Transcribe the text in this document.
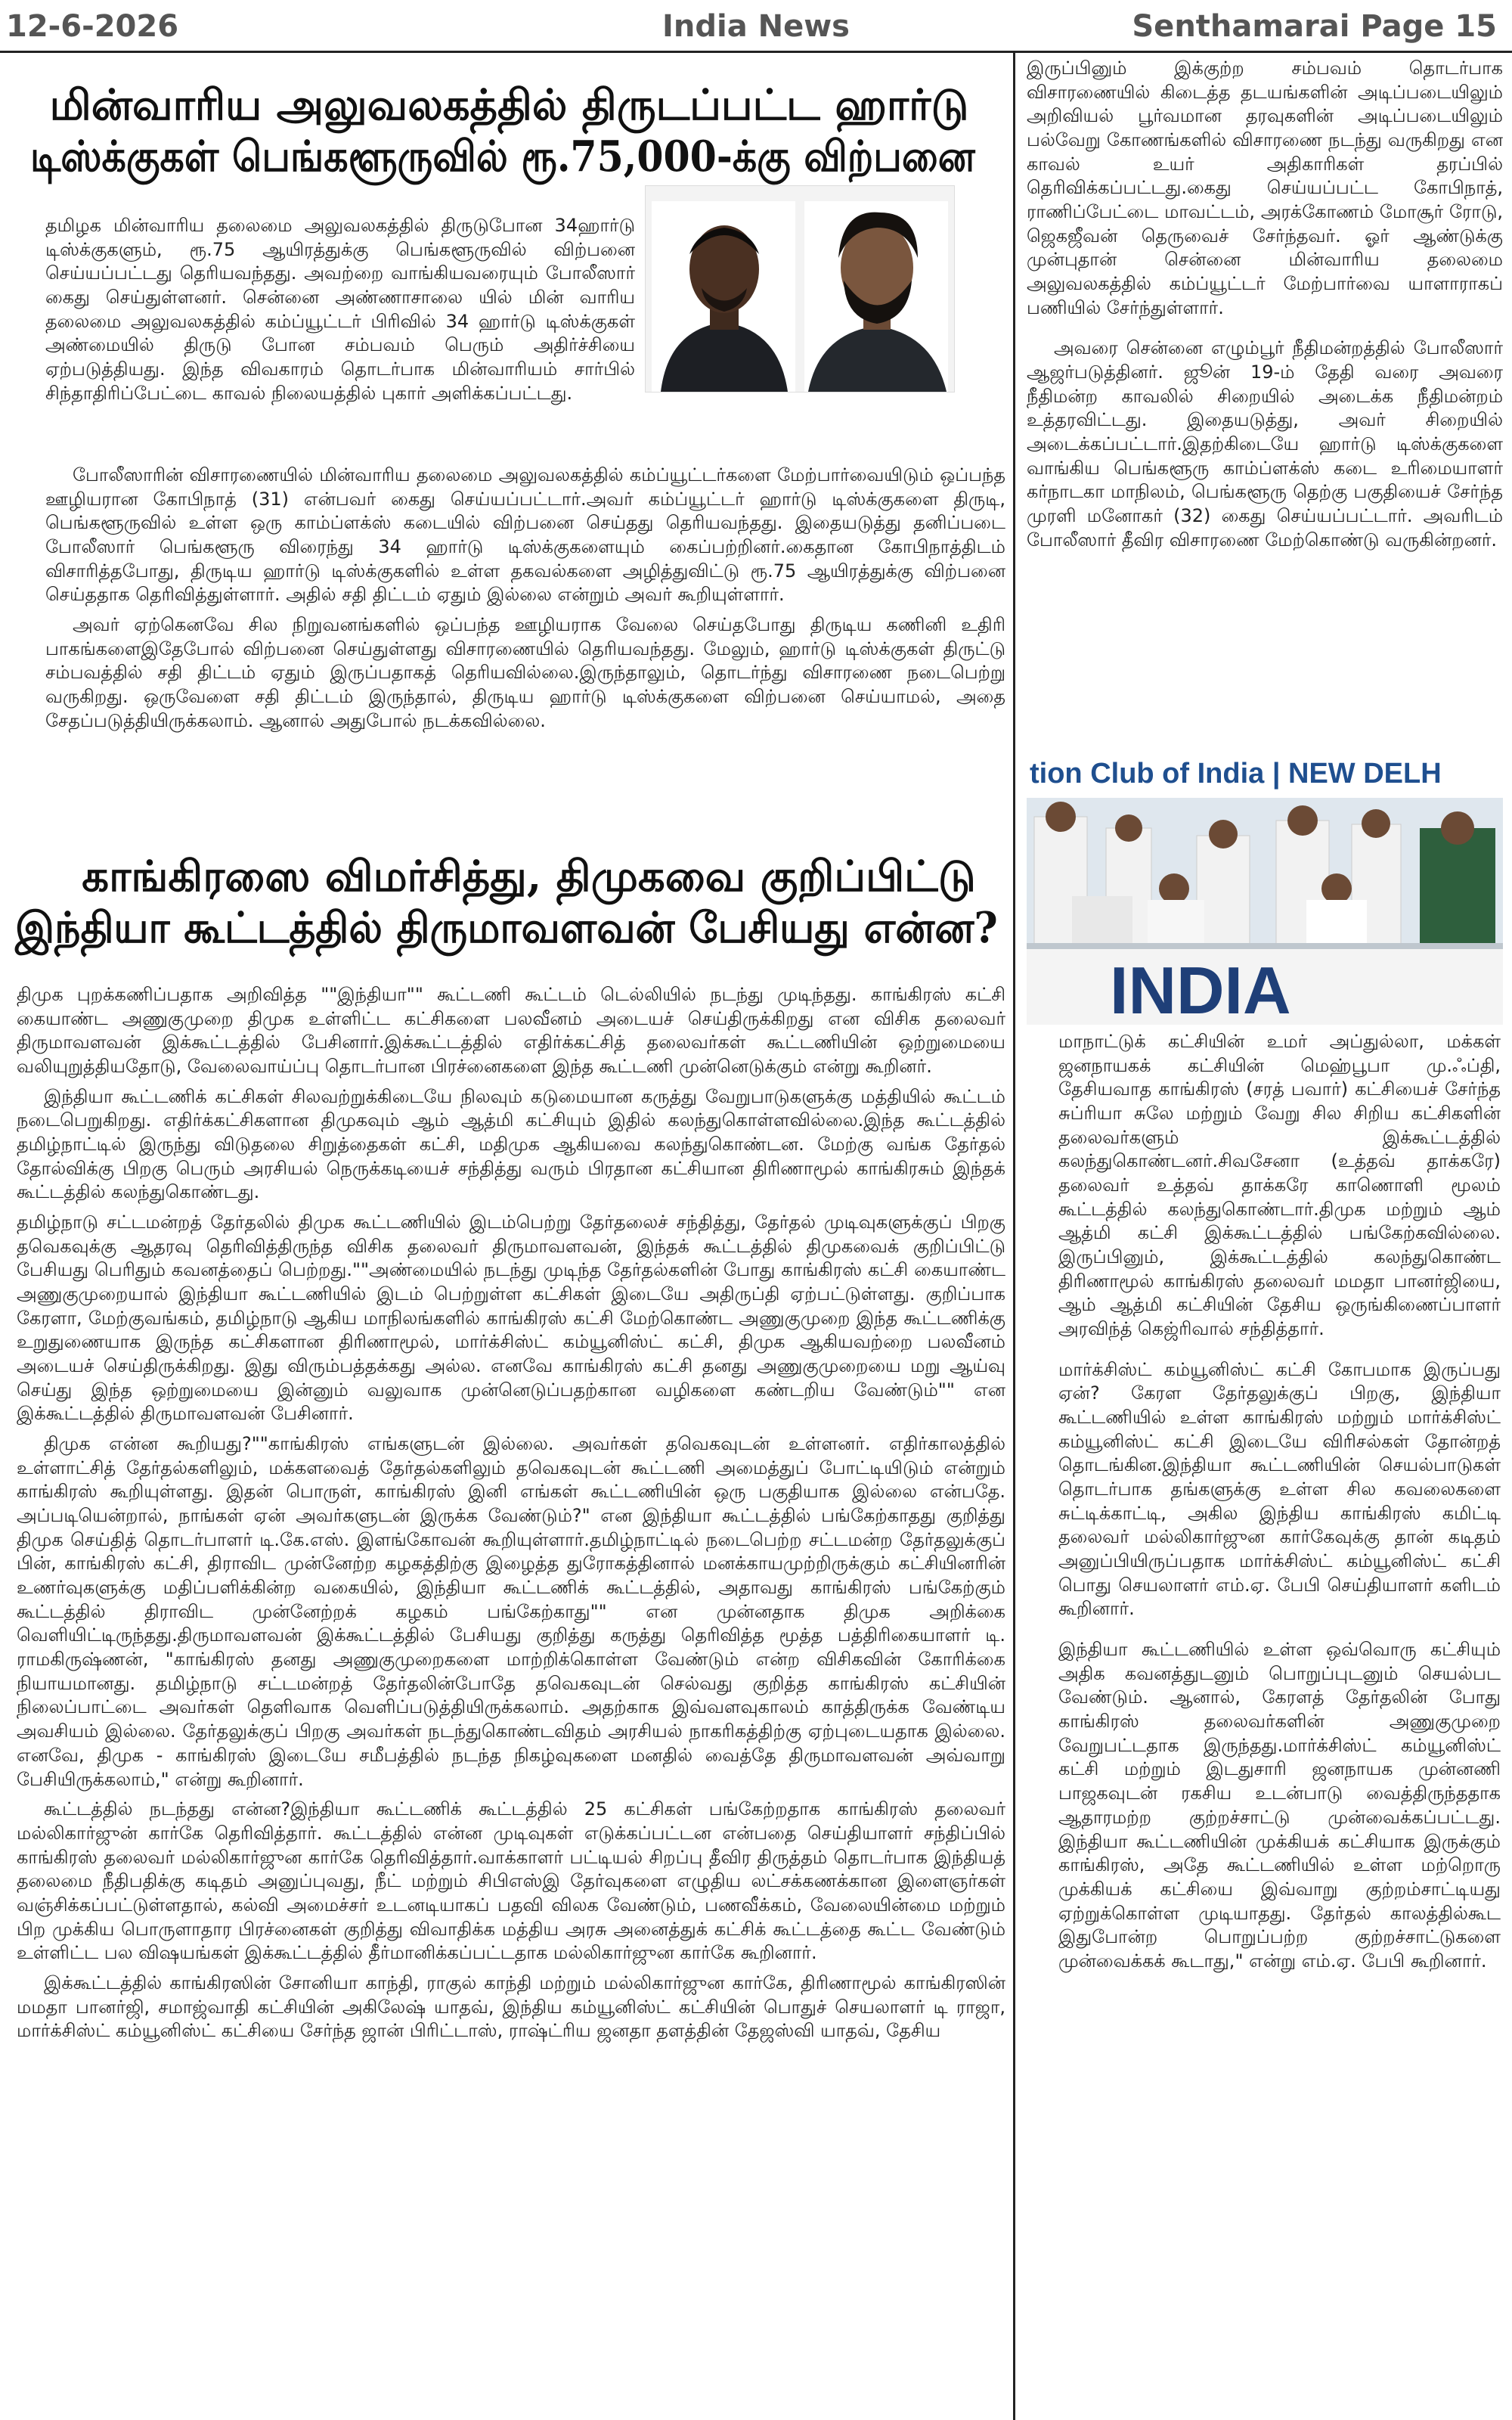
12-6-2026	India News	Senthamarai Page 15
மின்வாரிய அலுவலகத்தில் திருடப்பட்ட ஹார்டு
டிஸ்க்குகள் பெங்களூருவில் ரூ.75,000-க்கு விற்பனை

தமிழக மின்வாரிய தலைமை அலுவலகத்தில் திருடுபோன 34ஹார்டு டிஸ்க்குகளும், ரூ.75 ஆயிரத்துக்கு பெங்களூருவில் விற்பனை செய்யப்பட்டது தெரியவந்தது. அவற்றை வாங்கியவரையும் போலீஸார் கைது செய்துள்ளனர். சென்னை அண்ணாசாலை யில் மின் வாரிய தலைமை அலுவலகத்தில் கம்ப்யூட்டர் பிரிவில் 34 ஹார்டு டிஸ்க்குகள் அண்மையில் திருடு போன சம்பவம் பெரும் அதிர்ச்சியை ஏற்படுத்தியது. இந்த விவகாரம் தொடர்பாக மின்வாரியம் சார்பில் சிந்தாதிரிப்பேட்டை காவல் நிலையத்தில் புகார் அளிக்கப்பட்டது.

போலீஸாரின் விசாரணையில் மின்வாரிய தலைமை அலுவலகத்தில் கம்ப்யூட்டர்களை மேற்பார்வையிடும் ஒப்பந்த ஊழியரான கோபிநாத் (31) என்பவர் கைது செய்யப்பட்டார்.அவர் கம்ப்யூட்டர் ஹார்டு டிஸ்க்குகளை திருடி, பெங்களூருவில் உள்ள ஒரு காம்ப்ளக்ஸ் கடையில் விற்பனை செய்தது தெரியவந்தது. இதையடுத்து தனிப்படை போலீஸார் பெங்களூரு விரைந்து 34 ஹார்டு டிஸ்க்குகளையும் கைப்பற்றினர்.கைதான கோபிநாத்திடம் விசாரித்தபோது, திருடிய ஹார்டு டிஸ்க்குகளில் உள்ள தகவல்களை அழித்துவிட்டு ரூ.75 ஆயிரத்துக்கு விற்பனை செய்ததாக தெரிவித்துள்ளார். அதில் சதி திட்டம் ஏதும் இல்லை என்றும் அவர் கூறியுள்ளார்.

அவர் ஏற்கெனவே சில நிறுவனங்களில் ஒப்பந்த ஊழியராக வேலை செய்தபோது திருடிய கணினி உதிரி பாகங்களைஇதேபோல் விற்பனை செய்துள்ளது விசாரணையில் தெரியவந்தது. மேலும், ஹார்டு டிஸ்க்குகள் திருட்டு சம்பவத்தில் சதி திட்டம் ஏதும் இருப்பதாகத் தெரியவில்லை.இருந்தாலும், தொடர்ந்து விசாரணை நடைபெற்று வருகிறது. ஒருவேளை சதி திட்டம் இருந்தால், திருடிய ஹார்டு டிஸ்க்குகளை விற்பனை செய்யாமல், அதை சேதப்படுத்தியிருக்கலாம். ஆனால் அதுபோல் நடக்கவில்லை.

இருப்பினும் இக்குற்ற சம்பவம் தொடர்பாக விசாரணையில் கிடைத்த தடயங்களின் அடிப்படையிலும் அறிவியல் பூர்வமான தரவுகளின் அடிப்படையிலும் பல்வேறு கோணங்களில் விசாரணை நடந்து வருகிறது என காவல் உயர் அதிகாரிகள் தரப்பில் தெரிவிக்கப்பட்டது.கைது செய்யப்பட்ட கோபிநாத், ராணிப்பேட்டை மாவட்டம், அரக்கோணம் மோசூர் ரோடு, ஜெகஜீவன் தெருவைச் சேர்ந்தவர். ஓர் ஆண்டுக்கு முன்புதான் சென்னை மின்வாரிய தலைமை அலுவலகத்தில் கம்ப்யூட்டர் மேற்பார்வை யாளாராகப் பணியில் சேர்ந்துள்ளார்.

அவரை சென்னை எழும்பூர் நீதிமன்றத்தில் போலீஸார் ஆஜர்படுத்தினர். ஜூன் 19-ம் தேதி வரை அவரை நீதிமன்ற காவலில் சிறையில் அடைக்க நீதிமன்றம் உத்தரவிட்டது. இதையடுத்து, அவர் சிறையில் அடைக்கப்பட்டார்.இதற்கிடையே ஹார்டு டிஸ்க்குகளை வாங்கிய பெங்களூரு காம்ப்ளக்ஸ் கடை உரிமையாளர் கர்நாடகா மாநிலம், பெங்களூரு தெற்கு பகுதியைச் சேர்ந்த முரளி மனோகர் (32) கைது செய்யப்பட்டார். அவரிடம் போலீஸார் தீவிர விசாரணை மேற்கொண்டு வருகின்றனர்.

காங்கிரஸை விமர்சித்து, திமுகவை குறிப்பிட்டு
இந்தியா கூட்டத்தில் திருமாவளவன் பேசியது என்ன?
tion Club of India | NEW DELH
INDIA

திமுக புறக்கணிப்பதாக அறிவித்த ""இந்தியா"" கூட்டணி கூட்டம் டெல்லியில் நடந்து முடிந்தது. காங்கிரஸ் கட்சி கையாண்ட அணுகுமுறை திமுக உள்ளிட்ட கட்சிகளை பலவீனம் அடையச் செய்திருக்கிறது என விசிக தலைவர் திருமாவளவன் இக்கூட்டத்தில் பேசினார்.இக்கூட்டத்தில் எதிர்க்கட்சித் தலைவர்கள் கூட்டணியின் ஒற்றுமையை வலியுறுத்தியதோடு, வேலைவாய்ப்பு தொடர்பான பிரச்னைகளை இந்த கூட்டணி முன்னெடுக்கும் என்று கூறினர்.

இந்தியா கூட்டணிக் கட்சிகள் சிலவற்றுக்கிடையே நிலவும் கடுமையான கருத்து வேறுபாடுகளுக்கு மத்தியில் கூட்டம் நடைபெறுகிறது. எதிர்க்கட்சிகளான திமுகவும் ஆம் ஆத்மி கட்சியும் இதில் கலந்துகொள்ளவில்லை.இந்த கூட்டத்தில் தமிழ்நாட்டில் இருந்து விடுதலை சிறுத்தைகள் கட்சி, மதிமுக ஆகியவை கலந்துகொண்டன. மேற்கு வங்க தேர்தல் தோல்விக்கு பிறகு பெரும் அரசியல் நெருக்கடியைச் சந்தித்து வரும் பிரதான கட்சியான திரிணாமூல் காங்கிரசும் இந்தக் கூட்டத்தில் கலந்துகொண்டது.

தமிழ்நாடு சட்டமன்றத் தேர்தலில் திமுக கூட்டணியில் இடம்பெற்று தேர்தலைச் சந்தித்து, தேர்தல் முடிவுகளுக்குப் பிறகு தவெகவுக்கு ஆதரவு தெரிவித்திருந்த விசிக தலைவர் திருமாவளவன், இந்தக் கூட்டத்தில் திமுகவைக் குறிப்பிட்டு பேசியது பெரிதும் கவனத்தைப் பெற்றது.""அண்மையில் நடந்து முடிந்த தேர்தல்களின் போது காங்கிரஸ் கட்சி கையாண்ட அணுகுமுறையால் இந்தியா கூட்டணியில் இடம் பெற்றுள்ள கட்சிகள் இடையே அதிருப்தி ஏற்பட்டுள்ளது. குறிப்பாக கேரளா, மேற்குவங்கம், தமிழ்நாடு ஆகிய மாநிலங்களில் காங்கிரஸ் கட்சி மேற்கொண்ட அணுகுமுறை இந்த கூட்டணிக்கு உறுதுணையாக இருந்த கட்சிகளான திரிணாமூல், மார்க்சிஸ்ட் கம்யூனிஸ்ட் கட்சி, திமுக ஆகியவற்றை பலவீனம் அடையச் செய்திருக்கிறது. இது விரும்பத்தக்கது அல்ல. எனவே காங்கிரஸ் கட்சி தனது அணுகுமுறையை மறு ஆய்வு செய்து இந்த ஒற்றுமையை இன்னும் வலுவாக முன்னெடுப்பதற்கான வழிகளை கண்டறிய வேண்டும்"" என இக்கூட்டத்தில் திருமாவளவன் பேசினார்.

திமுக என்ன கூறியது?""காங்கிரஸ் எங்களுடன் இல்லை. அவர்கள் தவெகவுடன் உள்ளனர். எதிர்காலத்தில் உள்ளாட்சித் தேர்தல்களிலும், மக்களவைத் தேர்தல்களிலும் தவெகவுடன் கூட்டணி அமைத்துப் போட்டியிடும் என்றும் காங்கிரஸ் கூறியுள்ளது. இதன் பொருள், காங்கிரஸ் இனி எங்கள் கூட்டணியின் ஒரு பகுதியாக இல்லை என்பதே. அப்படியென்றால், நாங்கள் ஏன் அவர்களுடன் இருக்க வேண்டும்?" என இந்தியா கூட்டத்தில் பங்கேற்காதது குறித்து திமுக செய்தித் தொடர்பாளர் டி.கே.எஸ். இளங்கோவன் கூறியுள்ளார்.தமிழ்நாட்டில் நடைபெற்ற சட்டமன்ற தேர்தலுக்குப் பின், காங்கிரஸ் கட்சி, திராவிட முன்னேற்ற கழகத்திற்கு இழைத்த துரோகத்தினால் மனக்காயமுற்றிருக்கும் கட்சியினரின் உணர்வுகளுக்கு மதிப்பளிக்கின்ற வகையில், இந்தியா கூட்டணிக் கூட்டத்தில், அதாவது காங்கிரஸ் பங்கேற்கும் கூட்டத்தில் திராவிட முன்னேற்றக் கழகம் பங்கேற்காது"" என முன்னதாக திமுக அறிக்கை வெளியிட்டிருந்தது.திருமாவளவன் இக்கூட்டத்தில் பேசியது குறித்து கருத்து தெரிவித்த மூத்த பத்திரிகையாளர் டி. ராமகிருஷ்ணன், "காங்கிரஸ் தனது அணுகுமுறைகளை மாற்றிக்கொள்ள வேண்டும் என்ற விசிகவின் கோரிக்கை நியாயமானது. தமிழ்நாடு சட்டமன்றத் தேர்தலின்போதே தவெகவுடன் செல்வது குறித்த காங்கிரஸ் கட்சியின் நிலைப்பாட்டை அவர்கள் தெளிவாக வெளிப்படுத்தியிருக்கலாம். அதற்காக இவ்வளவுகாலம் காத்திருக்க வேண்டிய அவசியம் இல்லை. தேர்தலுக்குப் பிறகு அவர்கள் நடந்துகொண்டவிதம் அரசியல் நாகரிகத்திற்கு ஏற்புடையதாக இல்லை. எனவே, திமுக - காங்கிரஸ் இடையே சமீபத்தில் நடந்த நிகழ்வுகளை மனதில் வைத்தே திருமாவளவன் அவ்வாறு பேசியிருக்கலாம்," என்று கூறினார்.

கூட்டத்தில் நடந்தது என்ன?இந்தியா கூட்டணிக் கூட்டத்தில் 25 கட்சிகள் பங்கேற்றதாக காங்கிரஸ் தலைவர் மல்லிகார்ஜுன் கார்கே தெரிவித்தார். கூட்டத்தில் என்ன முடிவுகள் எடுக்கப்பட்டன என்பதை செய்தியாளர் சந்திப்பில் காங்கிரஸ் தலைவர் மல்லிகார்ஜுன கார்கே தெரிவித்தார்.வாக்காளர் பட்டியல் சிறப்பு தீவிர திருத்தம் தொடர்பாக இந்தியத் தலைமை நீதிபதிக்கு கடிதம் அனுப்புவது, நீட் மற்றும் சிபிஎஸ்இ தேர்வுகளை எழுதிய லட்சக்கணக்கான இளைஞர்கள் வஞ்சிக்கப்பட்டுள்ளதால், கல்வி அமைச்சர் உடனடியாகப் பதவி விலக வேண்டும், பணவீக்கம், வேலையின்மை மற்றும் பிற முக்கிய பொருளாதார பிரச்னைகள் குறித்து விவாதிக்க மத்திய அரசு அனைத்துக் கட்சிக் கூட்டத்தை கூட்ட வேண்டும் உள்ளிட்ட பல விஷயங்கள் இக்கூட்டத்தில் தீர்மானிக்கப்பட்டதாக மல்லிகார்ஜுன கார்கே கூறினார்.

இக்கூட்டத்தில் காங்கிரஸின் சோனியா காந்தி, ராகுல் காந்தி மற்றும் மல்லிகார்ஜுன கார்கே, திரிணாமூல் காங்கிரஸின் மமதா பானர்ஜி, சமாஜ்வாதி கட்சியின் அகிலேஷ் யாதவ், இந்திய கம்யூனிஸ்ட் கட்சியின் பொதுச் செயலாளர் டி ராஜா, மார்க்சிஸ்ட் கம்யூனிஸ்ட் கட்சியை சேர்ந்த ஜான் பிரிட்டாஸ், ராஷ்ட்ரிய ஜனதா தளத்தின் தேஜஸ்வி யாதவ், தேசிய

மாநாட்டுக் கட்சியின் உமர் அப்துல்லா, மக்கள் ஜனநாயகக் கட்சியின் மெஹ்பூபா மு.ஃப்தி, தேசியவாத காங்கிரஸ் (சரத் பவார்) கட்சியைச் சேர்ந்த சுப்ரியா சுலே மற்றும் வேறு சில சிறிய கட்சிகளின் தலைவர்களும் இக்கூட்டத்தில் கலந்துகொண்டனர்.சிவசேனா (உத்தவ் தாக்கரே) தலைவர் உத்தவ் தாக்கரே காணொளி மூலம் கூட்டத்தில் கலந்துகொண்டார்.திமுக மற்றும் ஆம் ஆத்மி கட்சி இக்கூட்டத்தில் பங்கேற்கவில்லை. இருப்பினும், இக்கூட்டத்தில் கலந்துகொண்ட திரிணாமூல் காங்கிரஸ் தலைவர் மமதா பானர்ஜியை, ஆம் ஆத்மி கட்சியின் தேசிய ஒருங்கிணைப்பாளர் அரவிந்த் கெஜ்ரிவால் சந்தித்தார்.

மார்க்சிஸ்ட் கம்யூனிஸ்ட் கட்சி கோபமாக இருப்பது ஏன்? கேரள தேர்தலுக்குப் பிறகு, இந்தியா கூட்டணியில் உள்ள காங்கிரஸ் மற்றும் மார்க்சிஸ்ட் கம்யூனிஸ்ட் கட்சி இடையே விரிசல்கள் தோன்றத் தொடங்கின.இந்தியா கூட்டணியின் செயல்பாடுகள் தொடர்பாக தங்களுக்கு உள்ள சில கவலைகளை சுட்டிக்காட்டி, அகில இந்திய காங்கிரஸ் கமிட்டி தலைவர் மல்லிகார்ஜுன கார்கேவுக்கு தான் கடிதம் அனுப்பியிருப்பதாக மார்க்சிஸ்ட் கம்யூனிஸ்ட் கட்சி பொது செயலாளர் எம்.ஏ. பேபி செய்தியாளர் களிடம் கூறினார்.

இந்தியா கூட்டணியில் உள்ள ஒவ்வொரு கட்சியும் அதிக கவனத்துடனும் பொறுப்புடனும் செயல்பட வேண்டும். ஆனால், கேரளத் தேர்தலின் போது காங்கிரஸ் தலைவர்களின் அணுகுமுறை வேறுபட்டதாக இருந்தது.மார்க்சிஸ்ட் கம்யூனிஸ்ட் கட்சி மற்றும் இடதுசாரி ஜனநாயக முன்னணி பாஜகவுடன் ரகசிய உடன்பாடு வைத்திருந்ததாக ஆதாரமற்ற குற்றச்சாட்டு முன்வைக்கப்பட்டது. இந்தியா கூட்டணியின் முக்கியக் கட்சியாக இருக்கும் காங்கிரஸ், அதே கூட்டணியில் உள்ள மற்றொரு முக்கியக் கட்சியை இவ்வாறு குற்றம்சாட்டியது ஏற்றுக்கொள்ள முடியாதது. தேர்தல் காலத்தில்கூட இதுபோன்ற பொறுப்பற்ற குற்றச்சாட்டுகளை முன்வைக்கக் கூடாது," என்று எம்.ஏ. பேபி கூறினார்.
